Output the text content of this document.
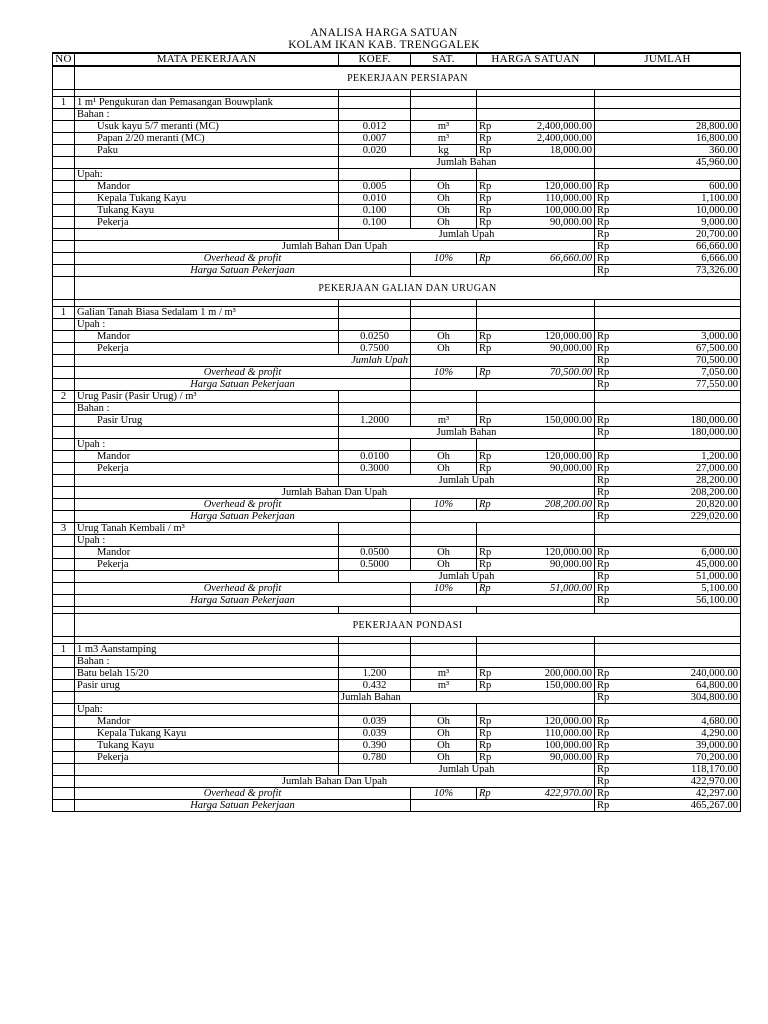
ANALISA HARGA SATUAN
KOLAM IKAN KAB. TRENGGALEK
NO	MATA PEKERJAAN	KOEF.	SAT.	HARGA SATUAN	JUMLAH
	PEKERJAAN PERSIAPAN				

1	1 m¹ Pengukuran dan Pemasangan Bouwplank				
	Bahan :				
	Usuk kayu 5/7 meranti (MC)	0.012	m³	Rp 2,400,000.00	28,800.00

	Papan 2/20 meranti (MC)	0.007	m³	Rp 2,400,000.00	16,800.00

	Paku	0.020	kg	Rp 18,000.00	360.00

		Jumlah Bahan			45,960.00

	Upah:				
	Mandor	0.005	Oh	Rp 120,000.00	Rp 600.00

	Kepala Tukang Kayu	0.010	Oh	Rp 110,000.00	Rp 1,100.00

	Tukang Kayu	0.100	Oh	Rp 100,000.00	Rp 10,000.00

	Pekerja	0.100	Oh	Rp 90,000.00	Rp 9,000.00

		Jumlah Upah			Rp 20,700.00

	Jumlah Bahan Dan Upah				Rp 66,660.00

	Overhead & profit		10%	Rp 66,660.00	Rp 6,666.00

	Harga Satuan Pekerjaan				Rp 73,326.00

	PEKERJAAN GALIAN DAN URUGAN				

1	Galian Tanah Biasa Sedalam 1 m / m³				
	Upah :				
	Mandor	0.0250	Oh	Rp 120,000.00	Rp 3,000.00

	Pekerja	0.7500	Oh	Rp 90,000.00	Rp 67,500.00

	Jumlah Upah				Rp 70,500.00

	Overhead & profit		10%	Rp 70,500.00	Rp 7,050.00

	Harga Satuan Pekerjaan				Rp 77,550.00

2	Urug Pasir (Pasir Urug) / m³				
	Bahan :				
	Pasir Urug	1.2000	m³	Rp 150,000.00	Rp 180,000.00

		Jumlah Bahan			Rp 180,000.00

	Upah :				
	Mandor	0.0100	Oh	Rp 120,000.00	Rp 1,200.00

	Pekerja	0.3000	Oh	Rp 90,000.00	Rp 27,000.00

		Jumlah Upah			Rp 28,200.00

	Jumlah Bahan Dan Upah				Rp 208,200.00

	Overhead & profit		10%	Rp 208,200.00	Rp 20,820.00

	Harga Satuan Pekerjaan				Rp 229,020.00

3	Urug Tanah Kembali / m³				
	Upah :				
	Mandor	0.0500	Oh	Rp 120,000.00	Rp 6,000.00

	Pekerja	0.5000	Oh	Rp 90,000.00	Rp 45,000.00

		Jumlah Upah			Rp 51,000.00

	Overhead & profit		10%	Rp 51,000.00	Rp 5,100.00

	Harga Satuan Pekerjaan				Rp 56,100.00

	PEKERJAAN PONDASI				

1	1 m3 Aanstamping				
	Bahan :				
	Batu belah 15/20	1.200	m³	Rp 200,000.00	Rp 240,000.00

	Pasir urug	0.432	m³	Rp 150,000.00	Rp 64,800.00

		Jumlah Bahan			Rp 304,800.00

	Upah:				
	Mandor	0.039	Oh	Rp 120,000.00	Rp 4,680.00

	Kepala Tukang Kayu	0.039	Oh	Rp 110,000.00	Rp 4,290.00

	Tukang Kayu	0.390	Oh	Rp 100,000.00	Rp 39,000.00

	Pekerja	0.780	Oh	Rp 90,000.00	Rp 70,200.00

		Jumlah Upah			Rp 118,170.00

	Jumlah Bahan Dan Upah				Rp 422,970.00

	Overhead & profit		10%	Rp 422,970.00	Rp 42,297.00

	Harga Satuan Pekerjaan				Rp 465,267.00
